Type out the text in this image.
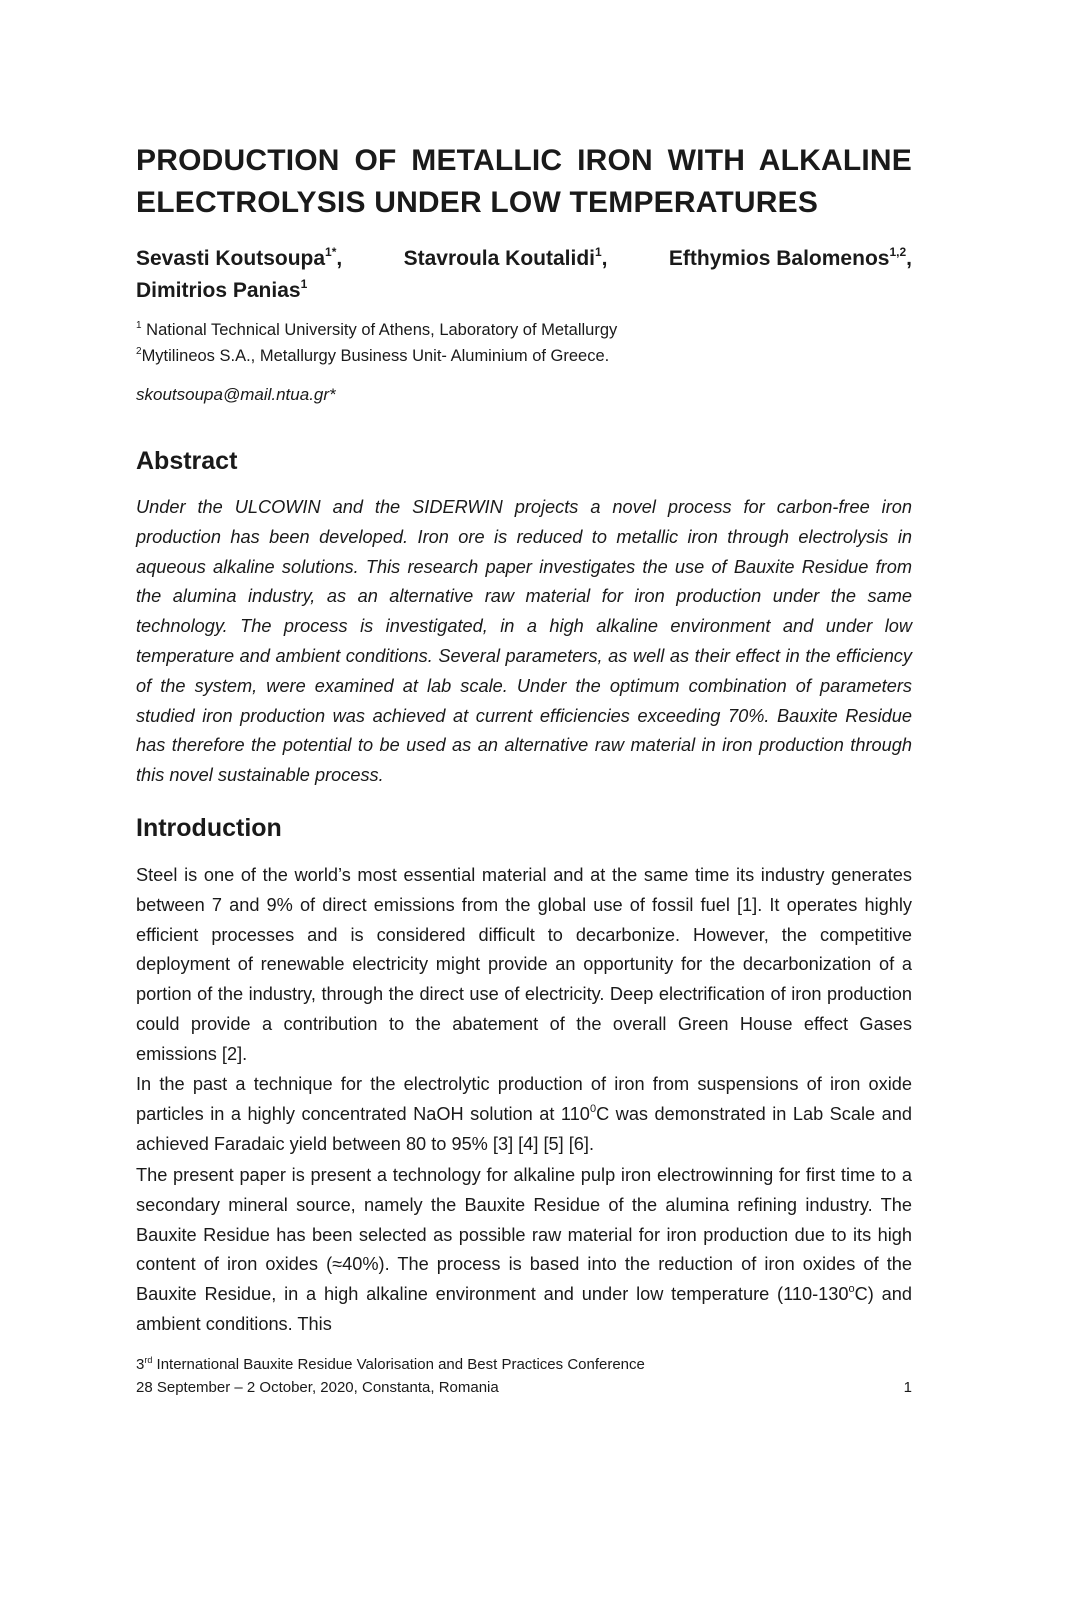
PRODUCTION OF METALLIC IRON WITH ALKALINE
ELECTROLYSIS UNDER LOW TEMPERATURES
Sevasti Koutsoupa$^{1*}$,	Stavroula Koutalidi$^1$,	Efthymios Balomenos$^{1,2}$,
Dimitrios Panias$^1$
$^1$ National Technical University of Athens, Laboratory of Metallurgy
$^2$Mytilineos S.A., Metallurgy Business Unit- Aluminium of Greece.
skoutsoupa@mail.ntua.gr*
Abstract

Under the ULCOWIN and the SIDERWIN projects a novel process for carbon-free iron production has been developed. Iron ore is reduced to metallic iron through electrolysis in aqueous alkaline solutions. This research paper investigates the use of Bauxite Residue from the alumina industry, as an alternative raw material for iron production under the same technology. The process is investigated, in a high alkaline environment and under low temperature and ambient conditions. Several parameters, as well as their effect in the efficiency of the system, were examined at lab scale. Under the optimum combination of parameters studied iron production was achieved at current efficiencies exceeding 70%. Bauxite Residue has therefore the potential to be used as an alternative raw material in iron production through this novel sustainable process.

Introduction

Steel is one of the world’s most essential material and at the same time its industry generates between 7 and 9% of direct emissions from the global use of fossil fuel [1]. It operates highly efficient processes and is considered difficult to decarbonize. However, the competitive deployment of renewable electricity might provide an opportunity for the decarbonization of a portion of the industry, through the direct use of electricity. Deep electrification of iron production could provide a contribution to the abatement of the overall Green House effect Gases emissions [2].

In the past a technique for the electrolytic production of iron from suspensions of iron oxide particles in a highly concentrated NaOH solution at $110^0C$ was demonstrated in Lab Scale and achieved Faradaic yield between 80 to 95% [3] [4] [5] [6].

The present paper is present a technology for alkaline pulp iron electrowinning for first time to a secondary mineral source, namely the Bauxite Residue of the alumina refining industry. The Bauxite Residue has been selected as possible raw material for iron production due to its high content of iron oxides (≈40%). The process is based into the reduction of iron oxides of the Bauxite Residue, in a high alkaline environment and under low temperature (110-130$^o$C) and ambient conditions. This

3rd International Bauxite Residue Valorisation and Best Practices Conference
28 September – 2 October, 2020, Constanta, Romania	1
